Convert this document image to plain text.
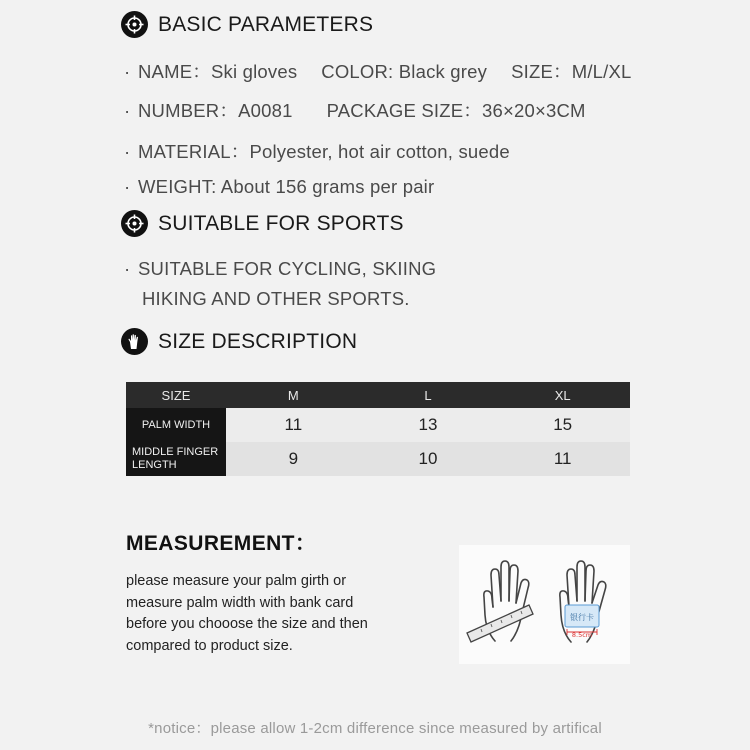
BASIC PARAMETERS
· NAME：Ski gloves COLOR: Black grey SIZE：M/L/XL
· NUMBER：A0081 PACKAGE SIZE：36×20×3CM
· MATERIAL：Polyester, hot air cotton, suede
· WEIGHT: About 156 grams per pair
SUITABLE FOR SPORTS
· SUITABLE FOR CYCLING, SKIING
HIKING AND OTHER SPORTS.
SIZE DESCRIPTION
SIZE	M	L	XL
PALM WIDTH	11	13	15
MIDDLE FINGER
LENGTH	9	10	11
MEASUREMENT：
please measure your palm girth or measure palm width with bank card before you chooose the size and then compared to product size.
银行卡
8.5cm
*notice：please allow 1-2cm difference since measured by artifical
